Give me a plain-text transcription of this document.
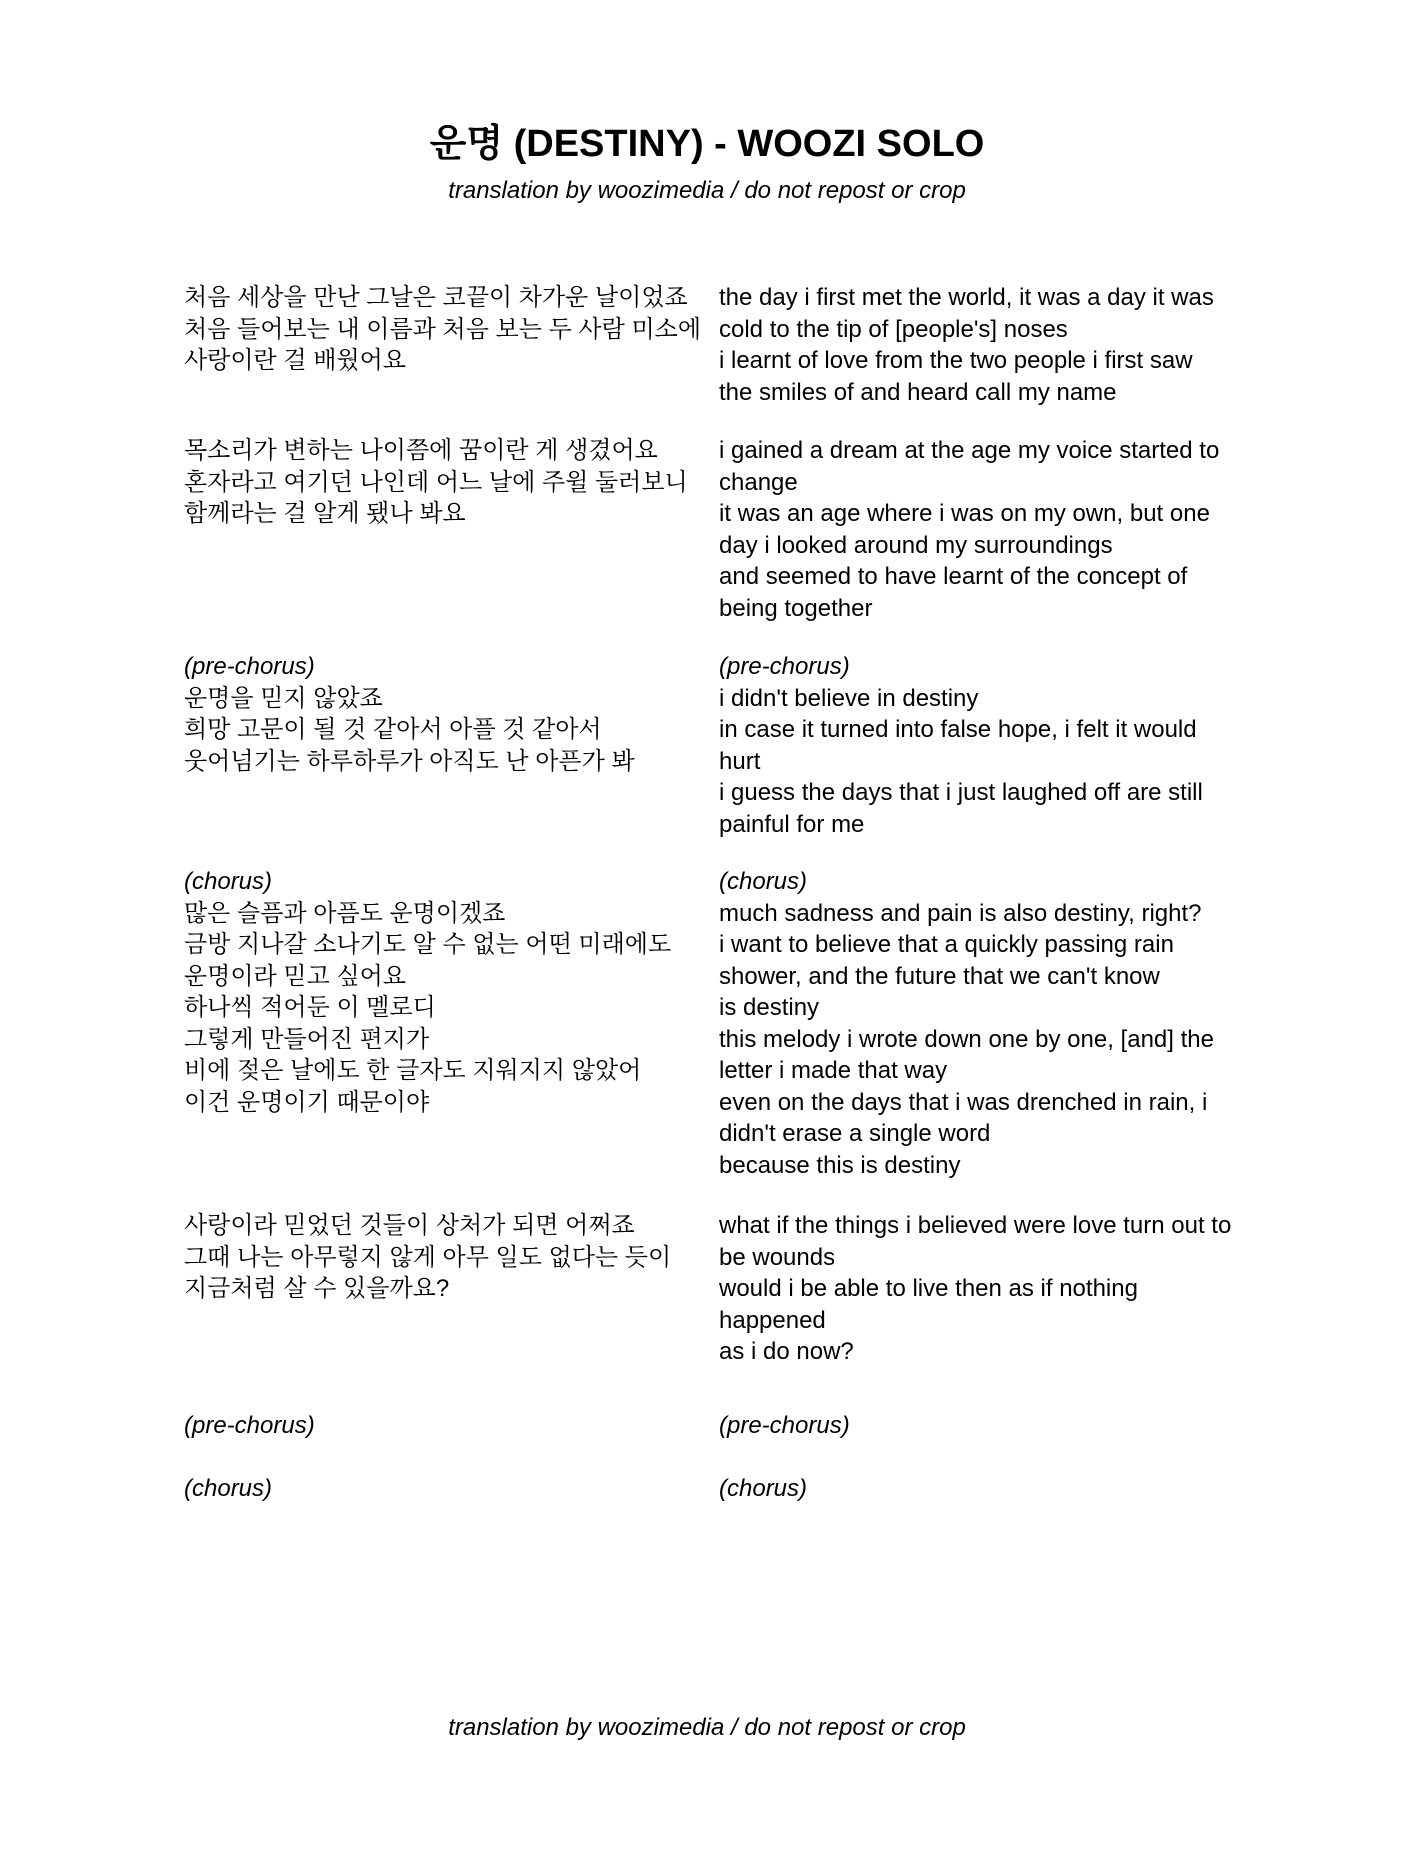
운명 (DESTINY) - WOOZI SOLO
translation by woozimedia / do not repost or crop
처음 세상을 만난 그날은 코끝이 차가운 날이었죠
처음 들어보는 내 이름과 처음 보는 두 사람 미소에
사랑이란 걸 배웠어요
the day i first met the world, it was a day it was
cold to the tip of [people's] noses
i learnt of love from the two people i first saw
the smiles of and heard call my name
목소리가 변하는 나이쯤에 꿈이란 게 생겼어요
혼자라고 여기던 나인데 어느 날에 주윌 둘러보니
함께라는 걸 알게 됐나 봐요
i gained a dream at the age my voice started to
change
it was an age where i was on my own, but one
day i looked around my surroundings
and seemed to have learnt of the concept of
being together
(pre-chorus)
운명을 믿지 않았죠
희망 고문이 될 것 같아서 아플 것 같아서
웃어넘기는 하루하루가 아직도 난 아픈가 봐
(pre-chorus)
i didn't believe in destiny
in case it turned into false hope, i felt it would
hurt
i guess the days that i just laughed off are still
painful for me
(chorus)
많은 슬픔과 아픔도 운명이겠죠
금방 지나갈 소나기도 알 수 없는 어떤 미래에도
운명이라 믿고 싶어요
하나씩 적어둔 이 멜로디
그렇게 만들어진 편지가
비에 젖은 날에도 한 글자도 지워지지 않았어
이건 운명이기 때문이야
(chorus)
much sadness and pain is also destiny, right?
i want to believe that a quickly passing rain
shower, and the future that we can't know
is destiny
this melody i wrote down one by one, [and] the
letter i made that way
even on the days that i was drenched in rain, i
didn't erase a single word
because this is destiny
사랑이라 믿었던 것들이 상처가 되면 어쩌죠
그때 나는 아무렇지 않게 아무 일도 없다는 듯이
지금처럼 살 수 있을까요?
what if the things i believed were love turn out to
be wounds
would i be able to live then as if nothing
happened
as i do now?
(pre-chorus)	(pre-chorus)
(chorus)	(chorus)
translation by woozimedia / do not repost or crop
